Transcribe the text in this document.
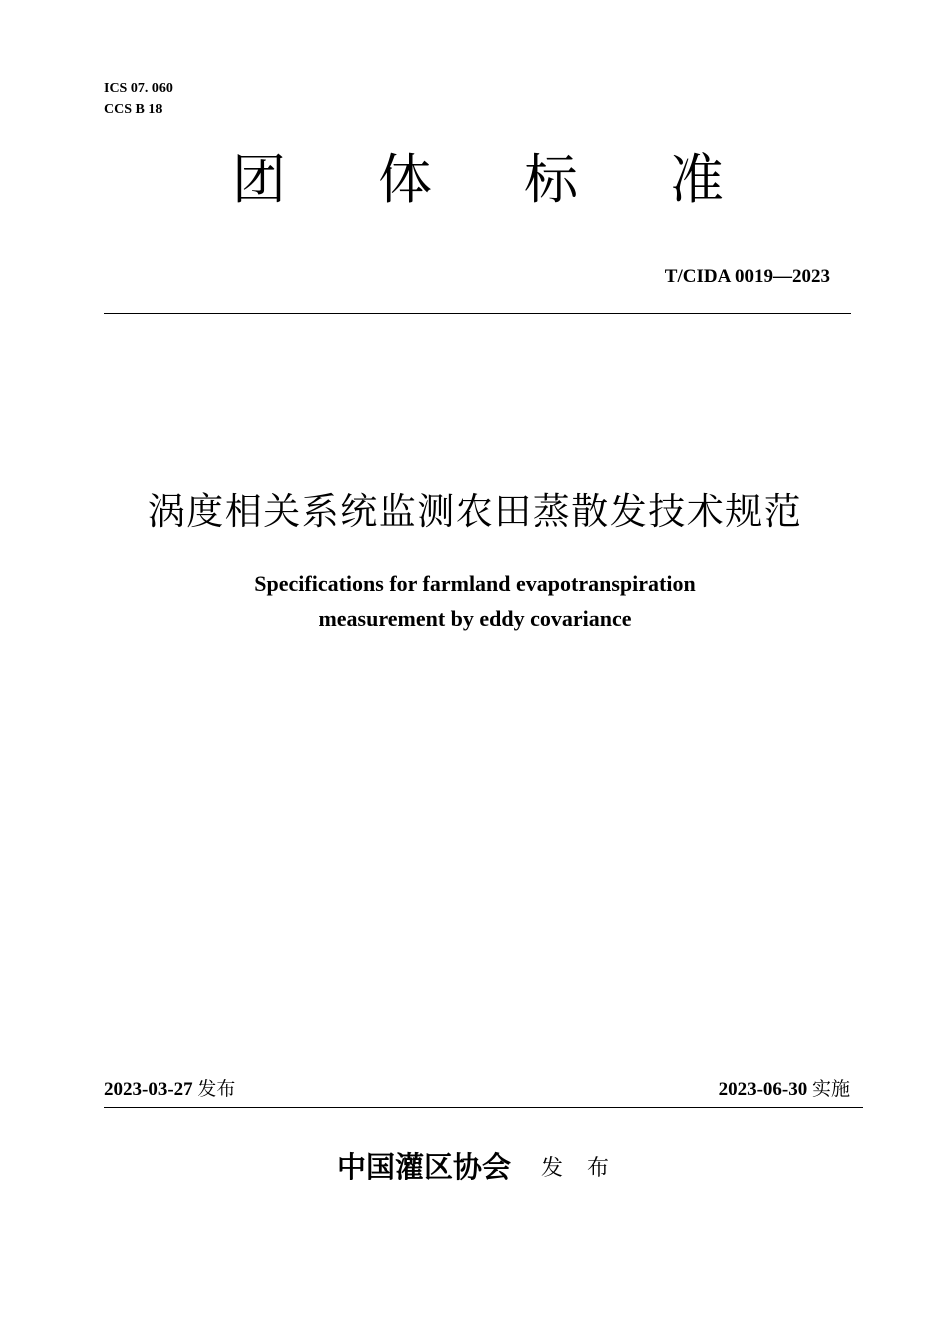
ICS 07. 060
CCS B 18
团 体 标 准
T/CIDA 0019—2023
涡度相关系统监测农田蒸散发技术规范
Specifications for farmland evapotranspiration
measurement by eddy covariance
2023-03-27 发布	2023-06-30 实施
中国灌区协会 发布
